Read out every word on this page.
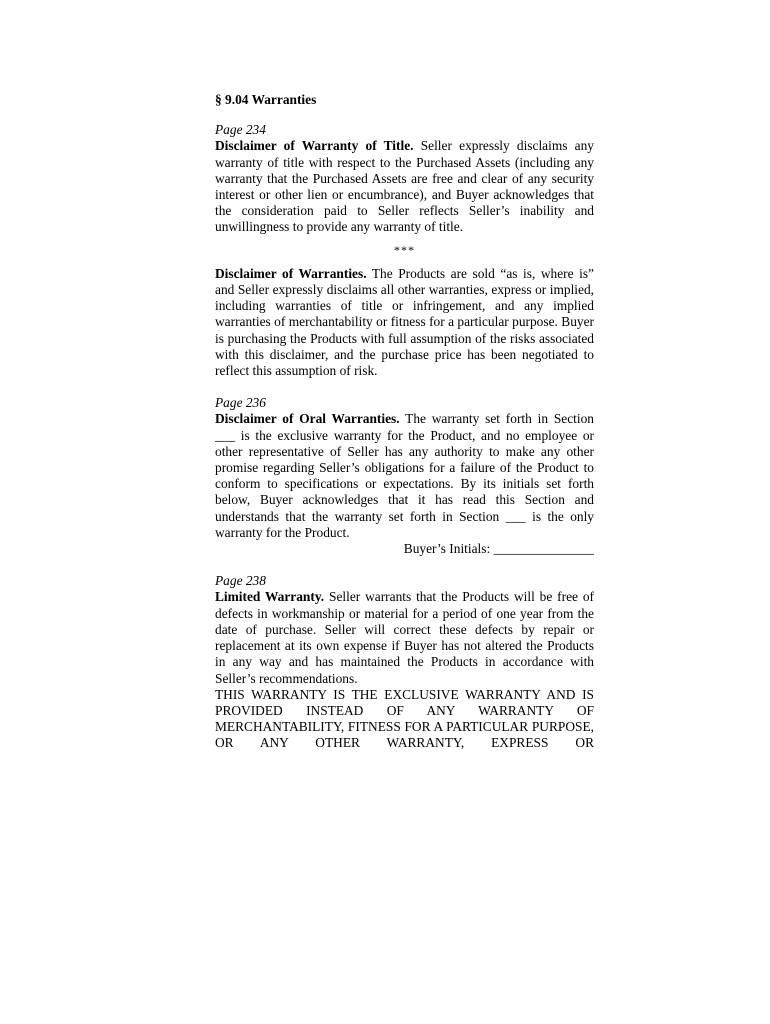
§ 9.04 Warranties

Page 234

Disclaimer of Warranty of Title. Seller expressly disclaims any warranty of title with respect to the Purchased Assets (including any warranty that the Purchased Assets are free and clear of any security interest or other lien or encumbrance), and Buyer acknowledges that the consideration paid to Seller reflects Seller’s inability and unwillingness to provide any warranty of title.

***

Disclaimer of Warranties. The Products are sold “as is, where is” and Seller expressly disclaims all other warranties, express or implied, including warranties of title or infringement, and any implied warranties of merchantability or fitness for a particular purpose. Buyer is purchasing the Products with full assumption of the risks associated with this disclaimer, and the purchase price has been negotiated to reflect this assumption of risk.

Page 236

Disclaimer of Oral Warranties. The warranty set forth in Section ___ is the exclusive warranty for the Product, and no employee or other representative of Seller has any authority to make any other promise regarding Seller’s obligations for a failure of the Product to conform to specifications or expectations. By its initials set forth below, Buyer acknowledges that it has read this Section and understands that the warranty set forth in Section ___ is the only warranty for the Product.

Buyer’s Initials: _______________

Page 238

Limited Warranty. Seller warrants that the Products will be free of defects in workmanship or material for a period of one year from the date of purchase. Seller will correct these defects by repair or replacement at its own expense if Buyer has not altered the Products in any way and has maintained the Products in accordance with Seller’s recommendations.

THIS WARRANTY IS THE EXCLUSIVE WARRANTY AND IS PROVIDED INSTEAD OF ANY WARRANTY OF MERCHANTABILITY, FITNESS FOR A PARTICULAR PURPOSE, OR ANY OTHER WARRANTY, EXPRESS OR
